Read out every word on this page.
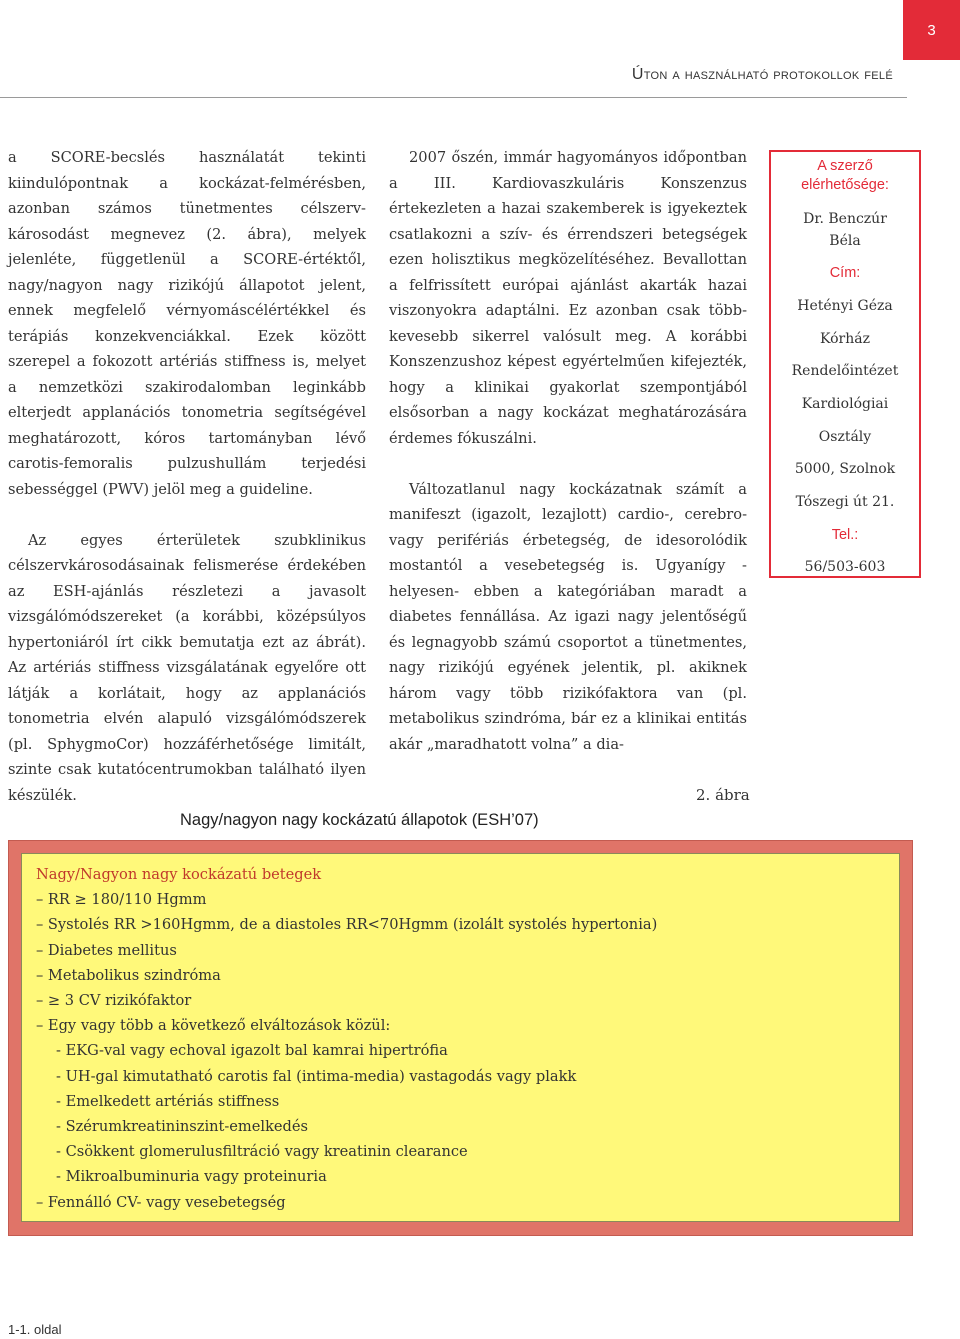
3
Úton a használható protokollok felé

a SCORE-becslés használatát tekinti kiindulópontnak a kockázat-felmérésben, azonban számos tünetmentes célszerv-károsodást megnevez (2. ábra), melyek jelenléte, függetlenül a SCORE-értéktől, nagy/nagyon nagy rizikójú állapotot jelent, ennek megfelelő vérnyomáscélértékkel és terápiás konzekvenciákkal. Ezek között szerepel a fokozott artériás stiffness is, melyet a nemzetközi szakirodalomban leginkább elterjedt applanációs tonometria segítségével meghatározott, kóros tartományban lévő carotis-femoralis pulzushullám terjedési sebességgel (PWV) jelöl meg a guideline.

Az egyes érterületek szubklinikus célszervkárosodásainak felismerése érdekében az ESH-ajánlás részletezi a javasolt vizsgálómódszereket (a korábbi, középsúlyos hypertoniáról írt cikk bemutatja ezt az ábrát). Az artériás stiffness vizsgálatának egyelőre ott látják a korlátait, hogy az applanációs tonometria elvén alapuló vizsgálómódszerek (pl. SphygmoCor) hozzáférhetősége limitált, szinte csak kutatócentrumokban található ilyen készülék.

2007 őszén, immár hagyományos időpontban a III. Kardiovaszkuláris Konszenzus értekezleten a hazai szakemberek is igyekeztek csatlakozni a szív- és érrendszeri betegségek ezen holisztikus megközelítéséhez. Bevallottan a felfrissített európai ajánlást akarták hazai viszonyokra adaptálni. Ez azonban csak több-kevesebb sikerrel valósult meg. A korábbi Konszenzushoz képest egyértelműen kifejezték, hogy a klinikai gyakorlat szempontjából elsősorban a nagy kockázat meghatározására érdemes fókuszálni.

Változatlanul nagy kockázatnak számít a manifeszt (igazolt, lezajlott) cardio-, cerebro- vagy perifériás érbetegség, de idesorolódik mostantól a vesebetegség is. Ugyanígy -helyesen- ebben a kategóriában maradt a diabetes fennállása. Az igazi nagy jelentőségű és legnagyobb számú csoportot a tünetmentes, nagy rizikójú egyének jelentik, pl. akiknek három vagy több rizikófaktora van (pl. metabolikus szindróma, bár ez a klinikai entitás akár „maradhatott volna” a dia-

A szerző
elérhetősége:
Dr. Benczúr
Béla
Cím:
Hetényi Géza
Kórház
Rendelőintézet
Kardiológiai
Osztály
5000, Szolnok
Tószegi út 21.
Tel.:
56/503-603
2. ábra
Nagy/nagyon nagy kockázatú állapotok (ESH’07)
Nagy/Nagyon nagy kockázatú betegek
– RR ≥ 180/110 Hgmm
– Systolés RR >160Hgmm, de a diastoles RR<70Hgmm (izolált systolés hypertonia)
– Diabetes mellitus
– Metabolikus szindróma
– ≥ 3 CV rizikófaktor
– Egy vagy több a következő elváltozások közül:
- EKG-val vagy echoval igazolt bal kamrai hipertrófia
- UH-gal kimutatható carotis fal (intima-media) vastagodás vagy plakk
- Emelkedett artériás stiffness
- Szérumkreatininszint-emelkedés
- Csökkent glomerulusfiltráció vagy kreatinin clearance
- Mikroalbuminuria vagy proteinuria
– Fennálló CV- vagy vesebetegség
1-1. oldal
